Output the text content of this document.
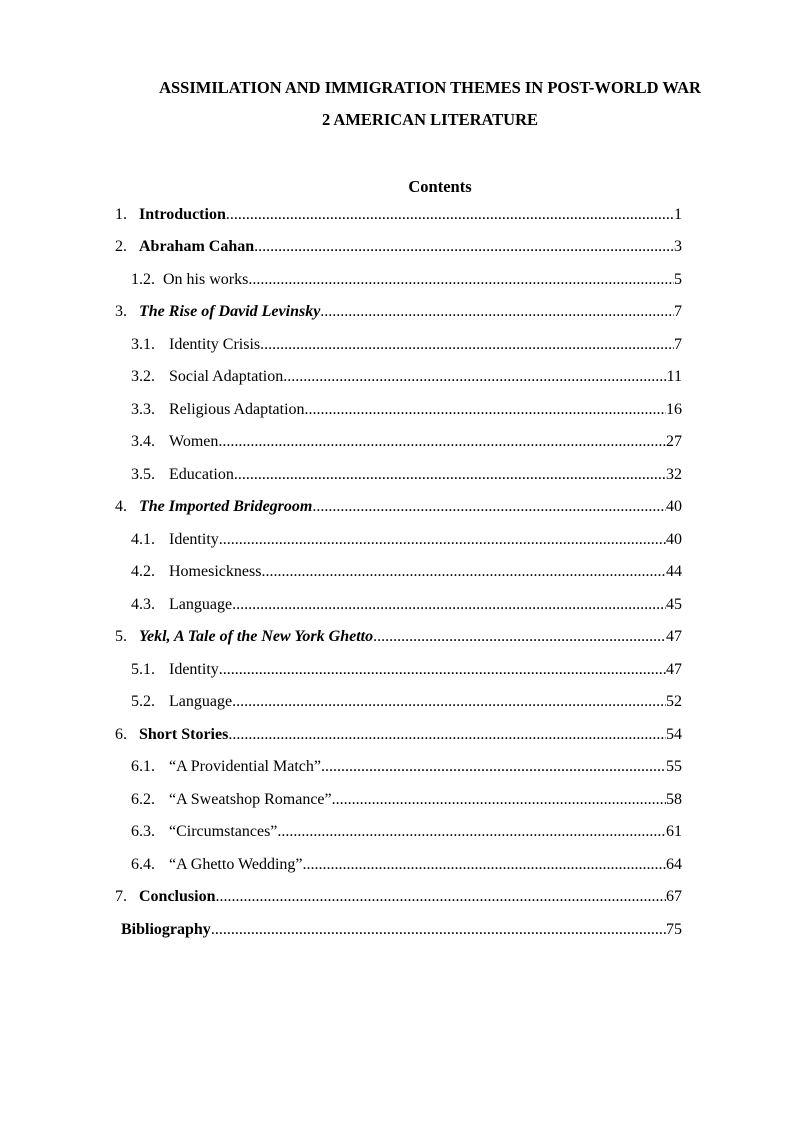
ASSIMILATION AND IMMIGRATION THEMES IN POST-WORLD WAR
2 AMERICAN LITERATURE
Contents
1. Introduction .....	1
2. Abraham Cahan .....	3
1.2. On his works .....	5
3. The Rise of David Levinsky .....	7
3.1. Identity Crisis .....	7
3.2. Social Adaptation .....	11
3.3. Religious Adaptation .....	16
3.4. Women .....	27
3.5. Education .....	32
4. The Imported Bridegroom .....	40
4.1. Identity .....	40
4.2. Homesickness .....	44
4.3. Language .....	45
5. Yekl, A Tale of the New York Ghetto .....	47
5.1. Identity .....	47
5.2. Language .....	52
6. Short Stories .....	54
6.1. “A Providential Match” .....	55
6.2. “A Sweatshop Romance” .....	58
6.3. “Circumstances” .....	61
6.4. “A Ghetto Wedding” .....	64
7. Conclusion .....	67
Bibliography .....	75
